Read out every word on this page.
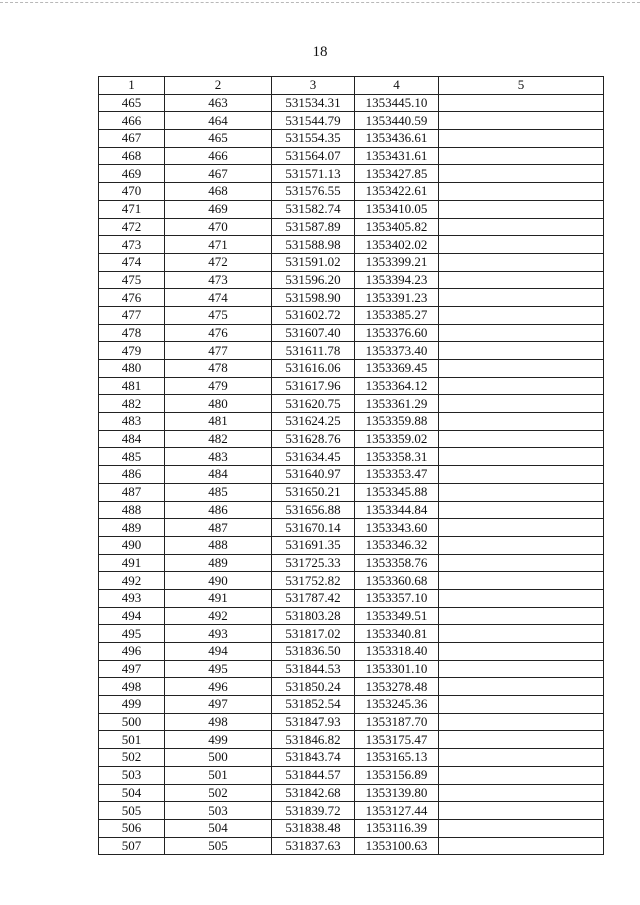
18
1	2	3	4	5
465	463	531534.31	1353445.10	
466	464	531544.79	1353440.59	
467	465	531554.35	1353436.61	
468	466	531564.07	1353431.61	
469	467	531571.13	1353427.85	
470	468	531576.55	1353422.61	
471	469	531582.74	1353410.05	
472	470	531587.89	1353405.82	
473	471	531588.98	1353402.02	
474	472	531591.02	1353399.21	
475	473	531596.20	1353394.23	
476	474	531598.90	1353391.23	
477	475	531602.72	1353385.27	
478	476	531607.40	1353376.60	
479	477	531611.78	1353373.40	
480	478	531616.06	1353369.45	
481	479	531617.96	1353364.12	
482	480	531620.75	1353361.29	
483	481	531624.25	1353359.88	
484	482	531628.76	1353359.02	
485	483	531634.45	1353358.31	
486	484	531640.97	1353353.47	
487	485	531650.21	1353345.88	
488	486	531656.88	1353344.84	
489	487	531670.14	1353343.60	
490	488	531691.35	1353346.32	
491	489	531725.33	1353358.76	
492	490	531752.82	1353360.68	
493	491	531787.42	1353357.10	
494	492	531803.28	1353349.51	
495	493	531817.02	1353340.81	
496	494	531836.50	1353318.40	
497	495	531844.53	1353301.10	
498	496	531850.24	1353278.48	
499	497	531852.54	1353245.36	
500	498	531847.93	1353187.70	
501	499	531846.82	1353175.47	
502	500	531843.74	1353165.13	
503	501	531844.57	1353156.89	
504	502	531842.68	1353139.80	
505	503	531839.72	1353127.44	
506	504	531838.48	1353116.39	
507	505	531837.63	1353100.63	
